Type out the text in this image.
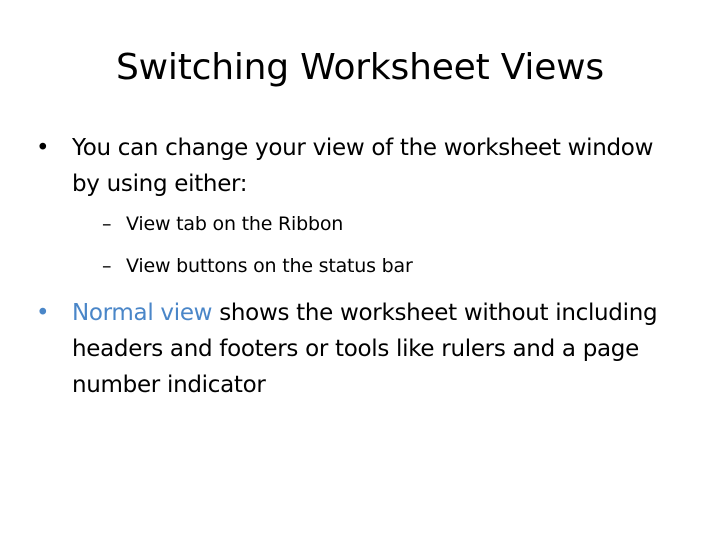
Switching Worksheet Views
• You can change your view of the worksheet window by using either:
– View tab on the Ribbon
– View buttons on the status bar
• Normal view shows the worksheet without including headers and footers or tools like rulers and a page number indicator
